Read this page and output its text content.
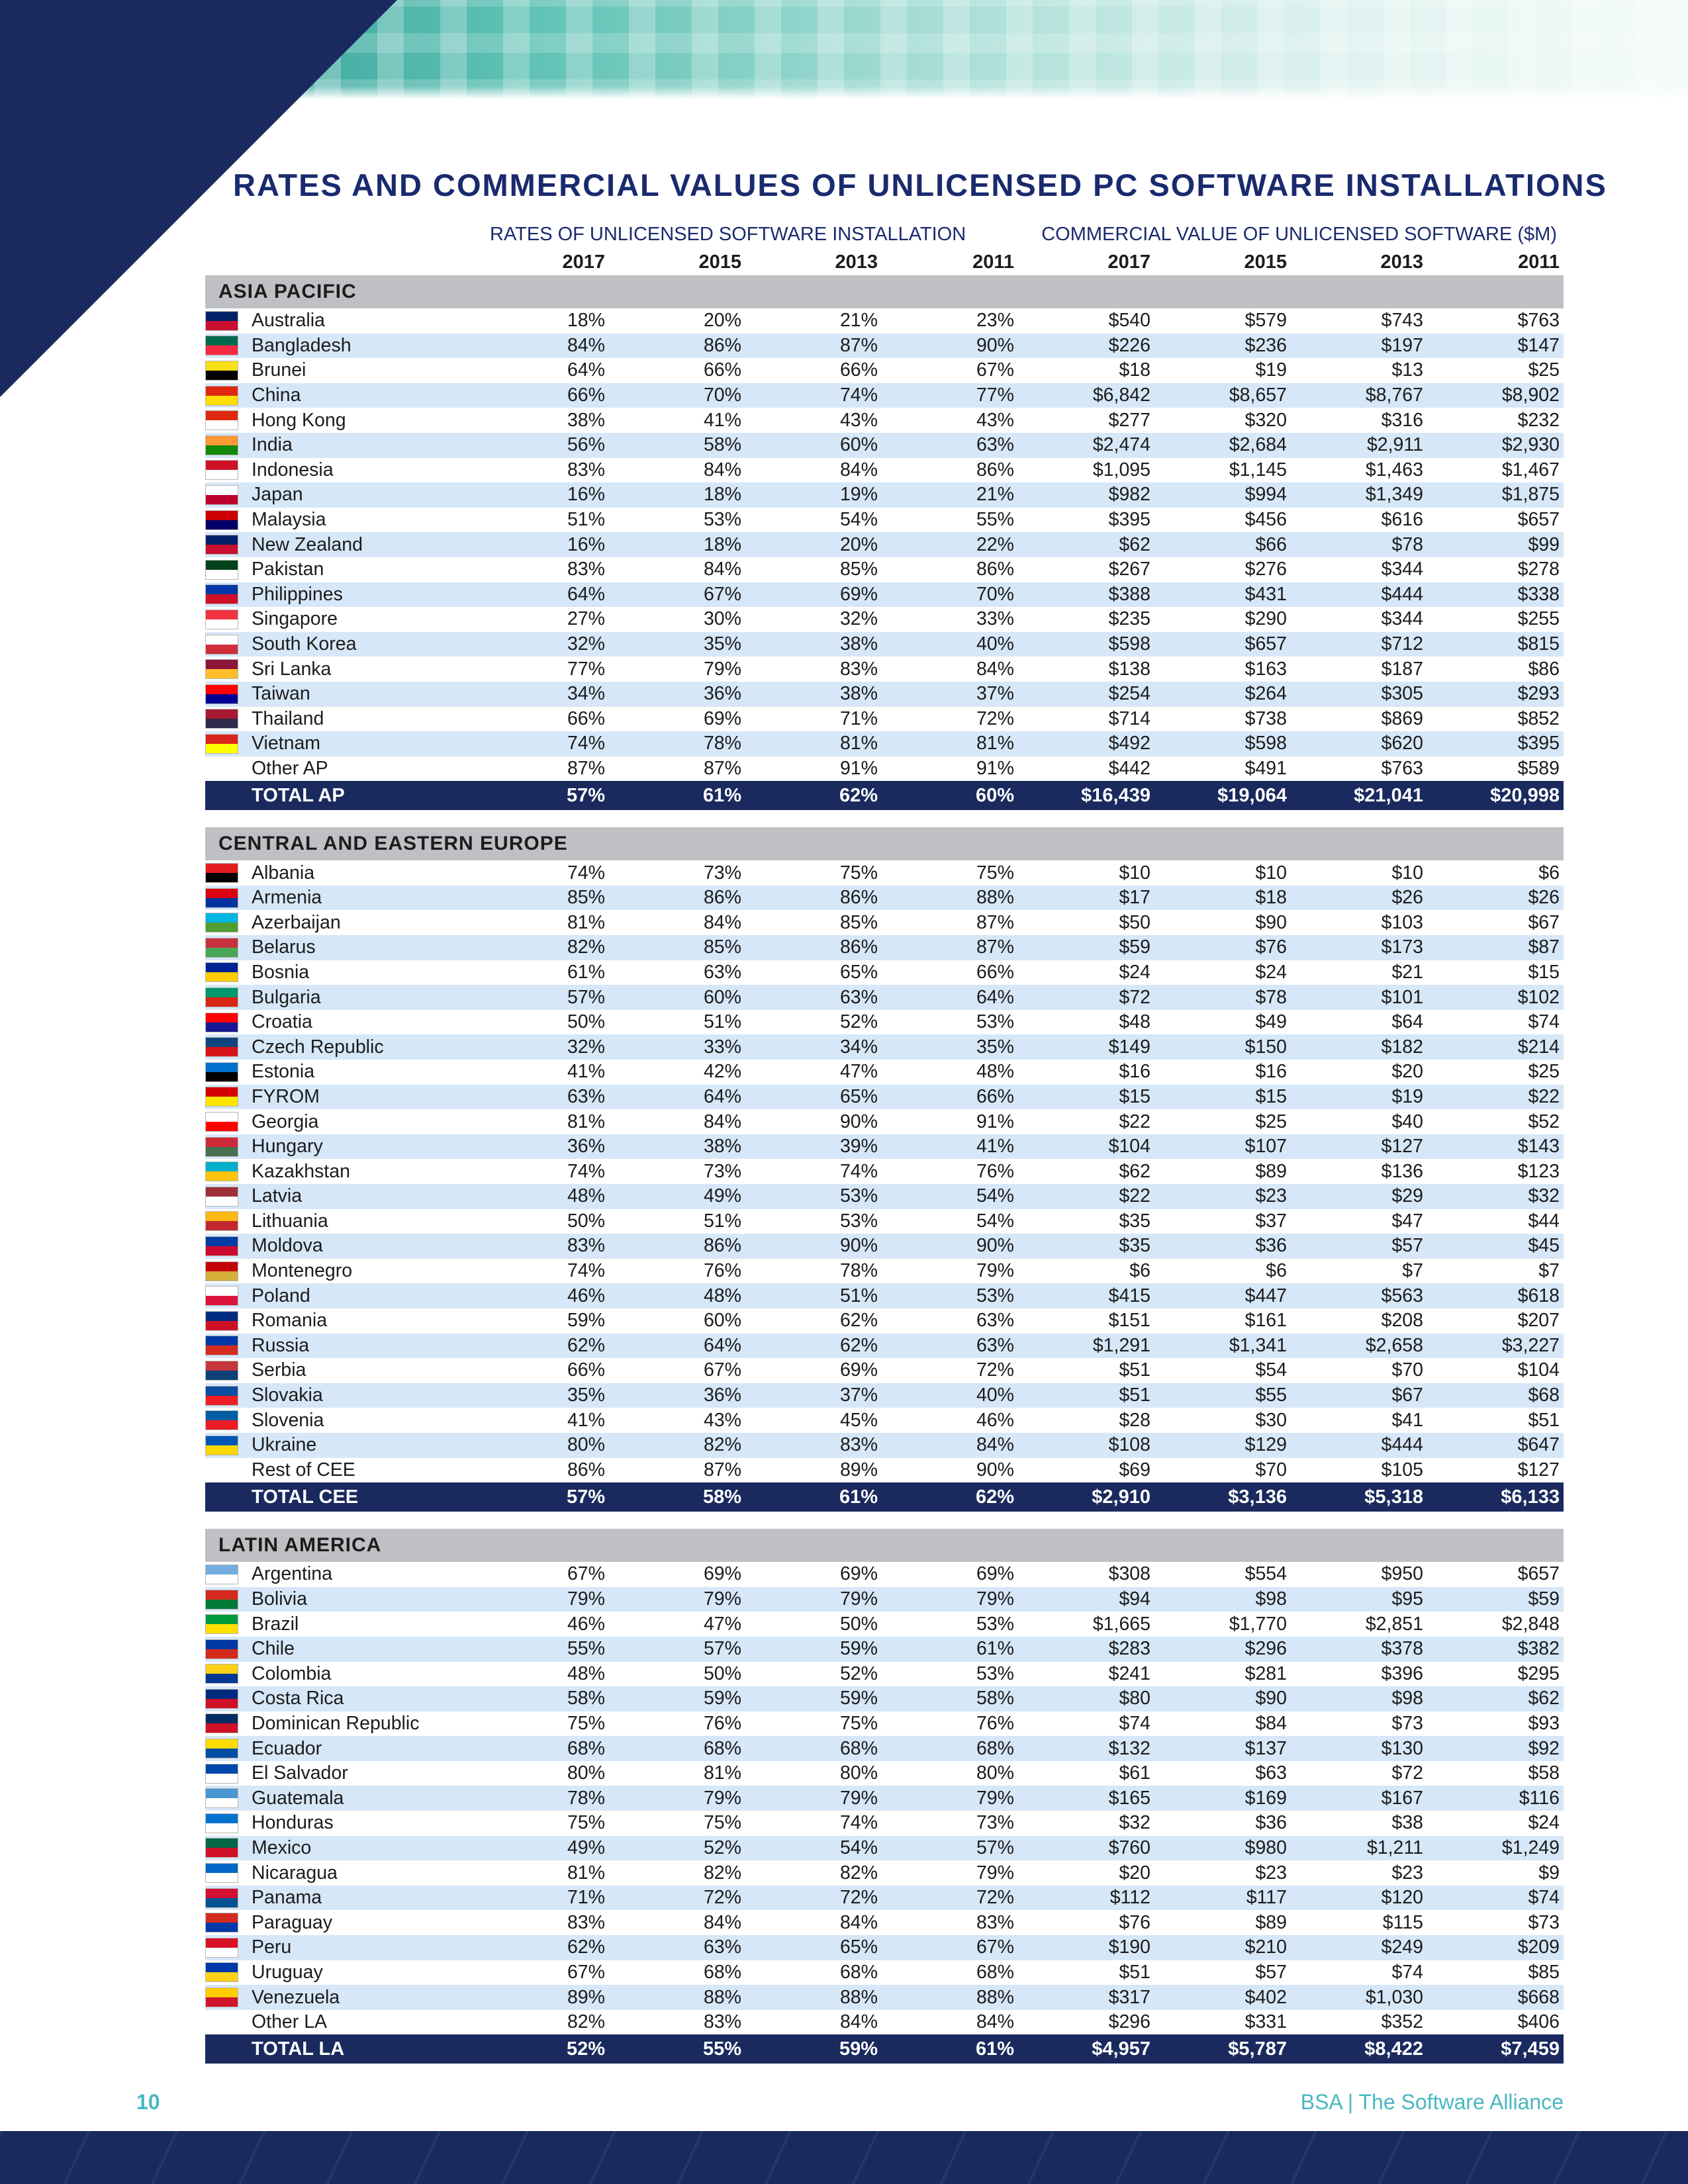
RATES AND COMMERCIAL VALUES OF UNLICENSED PC SOFTWARE INSTALLATIONS
RATES OF UNLICENSED SOFTWARE INSTALLATION	COMMERCIAL VALUE OF UNLICENSED SOFTWARE ($M)
2017	2015	2013	2011	2017	2015	2013	2011
ASIA PACIFIC
Australia	18%	20%	21%	23%	$540	$579	$743	$763
Bangladesh	84%	86%	87%	90%	$226	$236	$197	$147
Brunei	64%	66%	66%	67%	$18	$19	$13	$25
China	66%	70%	74%	77%	$6,842	$8,657	$8,767	$8,902
Hong Kong	38%	41%	43%	43%	$277	$320	$316	$232
India	56%	58%	60%	63%	$2,474	$2,684	$2,911	$2,930
Indonesia	83%	84%	84%	86%	$1,095	$1,145	$1,463	$1,467
Japan	16%	18%	19%	21%	$982	$994	$1,349	$1,875
Malaysia	51%	53%	54%	55%	$395	$456	$616	$657
New Zealand	16%	18%	20%	22%	$62	$66	$78	$99
Pakistan	83%	84%	85%	86%	$267	$276	$344	$278
Philippines	64%	67%	69%	70%	$388	$431	$444	$338
Singapore	27%	30%	32%	33%	$235	$290	$344	$255
South Korea	32%	35%	38%	40%	$598	$657	$712	$815
Sri Lanka	77%	79%	83%	84%	$138	$163	$187	$86
Taiwan	34%	36%	38%	37%	$254	$264	$305	$293
Thailand	66%	69%	71%	72%	$714	$738	$869	$852
Vietnam	74%	78%	81%	81%	$492	$598	$620	$395
Other AP	87%	87%	91%	91%	$442	$491	$763	$589
TOTAL AP	57%	61%	62%	60%	$16,439	$19,064	$21,041	$20,998
CENTRAL AND EASTERN EUROPE
Albania	74%	73%	75%	75%	$10	$10	$10	$6
Armenia	85%	86%	86%	88%	$17	$18	$26	$26
Azerbaijan	81%	84%	85%	87%	$50	$90	$103	$67
Belarus	82%	85%	86%	87%	$59	$76	$173	$87
Bosnia	61%	63%	65%	66%	$24	$24	$21	$15
Bulgaria	57%	60%	63%	64%	$72	$78	$101	$102
Croatia	50%	51%	52%	53%	$48	$49	$64	$74
Czech Republic	32%	33%	34%	35%	$149	$150	$182	$214
Estonia	41%	42%	47%	48%	$16	$16	$20	$25
FYROM	63%	64%	65%	66%	$15	$15	$19	$22
Georgia	81%	84%	90%	91%	$22	$25	$40	$52
Hungary	36%	38%	39%	41%	$104	$107	$127	$143
Kazakhstan	74%	73%	74%	76%	$62	$89	$136	$123
Latvia	48%	49%	53%	54%	$22	$23	$29	$32
Lithuania	50%	51%	53%	54%	$35	$37	$47	$44
Moldova	83%	86%	90%	90%	$35	$36	$57	$45
Montenegro	74%	76%	78%	79%	$6	$6	$7	$7
Poland	46%	48%	51%	53%	$415	$447	$563	$618
Romania	59%	60%	62%	63%	$151	$161	$208	$207
Russia	62%	64%	62%	63%	$1,291	$1,341	$2,658	$3,227
Serbia	66%	67%	69%	72%	$51	$54	$70	$104
Slovakia	35%	36%	37%	40%	$51	$55	$67	$68
Slovenia	41%	43%	45%	46%	$28	$30	$41	$51
Ukraine	80%	82%	83%	84%	$108	$129	$444	$647
Rest of CEE	86%	87%	89%	90%	$69	$70	$105	$127
TOTAL CEE	57%	58%	61%	62%	$2,910	$3,136	$5,318	$6,133
LATIN AMERICA
Argentina	67%	69%	69%	69%	$308	$554	$950	$657
Bolivia	79%	79%	79%	79%	$94	$98	$95	$59
Brazil	46%	47%	50%	53%	$1,665	$1,770	$2,851	$2,848
Chile	55%	57%	59%	61%	$283	$296	$378	$382
Colombia	48%	50%	52%	53%	$241	$281	$396	$295
Costa Rica	58%	59%	59%	58%	$80	$90	$98	$62
Dominican Republic	75%	76%	75%	76%	$74	$84	$73	$93
Ecuador	68%	68%	68%	68%	$132	$137	$130	$92
El Salvador	80%	81%	80%	80%	$61	$63	$72	$58
Guatemala	78%	79%	79%	79%	$165	$169	$167	$116
Honduras	75%	75%	74%	73%	$32	$36	$38	$24
Mexico	49%	52%	54%	57%	$760	$980	$1,211	$1,249
Nicaragua	81%	82%	82%	79%	$20	$23	$23	$9
Panama	71%	72%	72%	72%	$112	$117	$120	$74
Paraguay	83%	84%	84%	83%	$76	$89	$115	$73
Peru	62%	63%	65%	67%	$190	$210	$249	$209
Uruguay	67%	68%	68%	68%	$51	$57	$74	$85
Venezuela	89%	88%	88%	88%	$317	$402	$1,030	$668
Other LA	82%	83%	84%	84%	$296	$331	$352	$406
TOTAL LA	52%	55%	59%	61%	$4,957	$5,787	$8,422	$7,459
10	BSA | The Software Alliance
